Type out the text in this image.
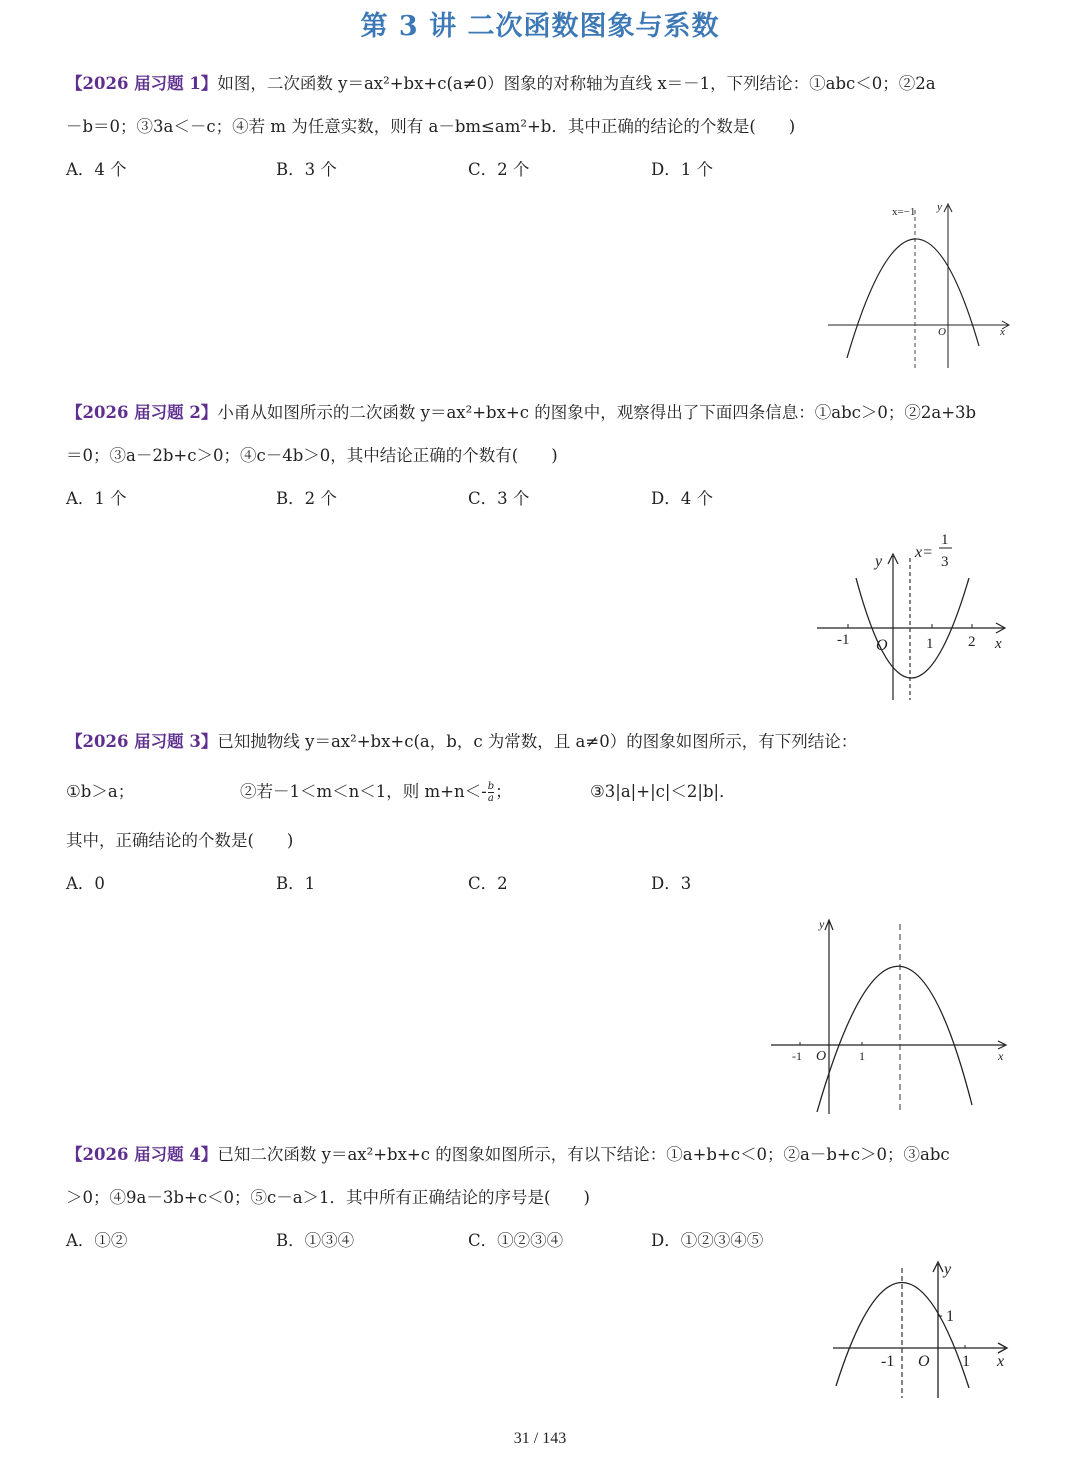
第 3 讲 二次函数图象与系数
【2026 届习题 1】如图，二次函数 y＝ax²+bx+c(a≠0）图象的对称轴为直线 x＝－1，下列结论：①abc＜0；②2a
－b＝0；③3a＜－c；④若 m 为任意实数，则有 a－bm≤am²+b．其中正确的结论的个数是(　　)
A．4 个	B．3 个	C．2 个	D．1 个
x=−1 y
x
O
【2026 届习题 2】小甬从如图所示的二次函数 y＝ax²+bx+c 的图象中，观察得出了下面四条信息：①abc＞0；②2a+3b
＝0；③a－2b+c＞0；④c－4b＞0，其中结论正确的个数有(　　)
A．1 个	B．2 个	C．3 个	D．4 个
-1	1 2
O
y
x
x=
1
3
【2026 届习题 3】已知抛物线 y＝ax²+bx+c(a，b，c 为常数，且 a≠0）的图象如图所示，有下列结论：
①b＞a；	②若－1＜m＜n＜1，则 $m+n<- \frac{b}{a}$ ；	③3|a|+|c|＜2|b|．
其中，正确结论的个数是(　　)
A．0	B．1	C．2	D．3
-1	1
O
y
x
【2026 届习题 4】已知二次函数 y＝ax²+bx+c 的图象如图所示，有以下结论：①a+b+c＜0；②a－b+c＞0；③abc
＞0；④9a－3b+c＜0；⑤c－a＞1．其中所有正确结论的序号是(　　)
A．①②	B．①③④	C．①②③④	D．①②③④⑤
-1	1
1
O
y
x
31 / 143
